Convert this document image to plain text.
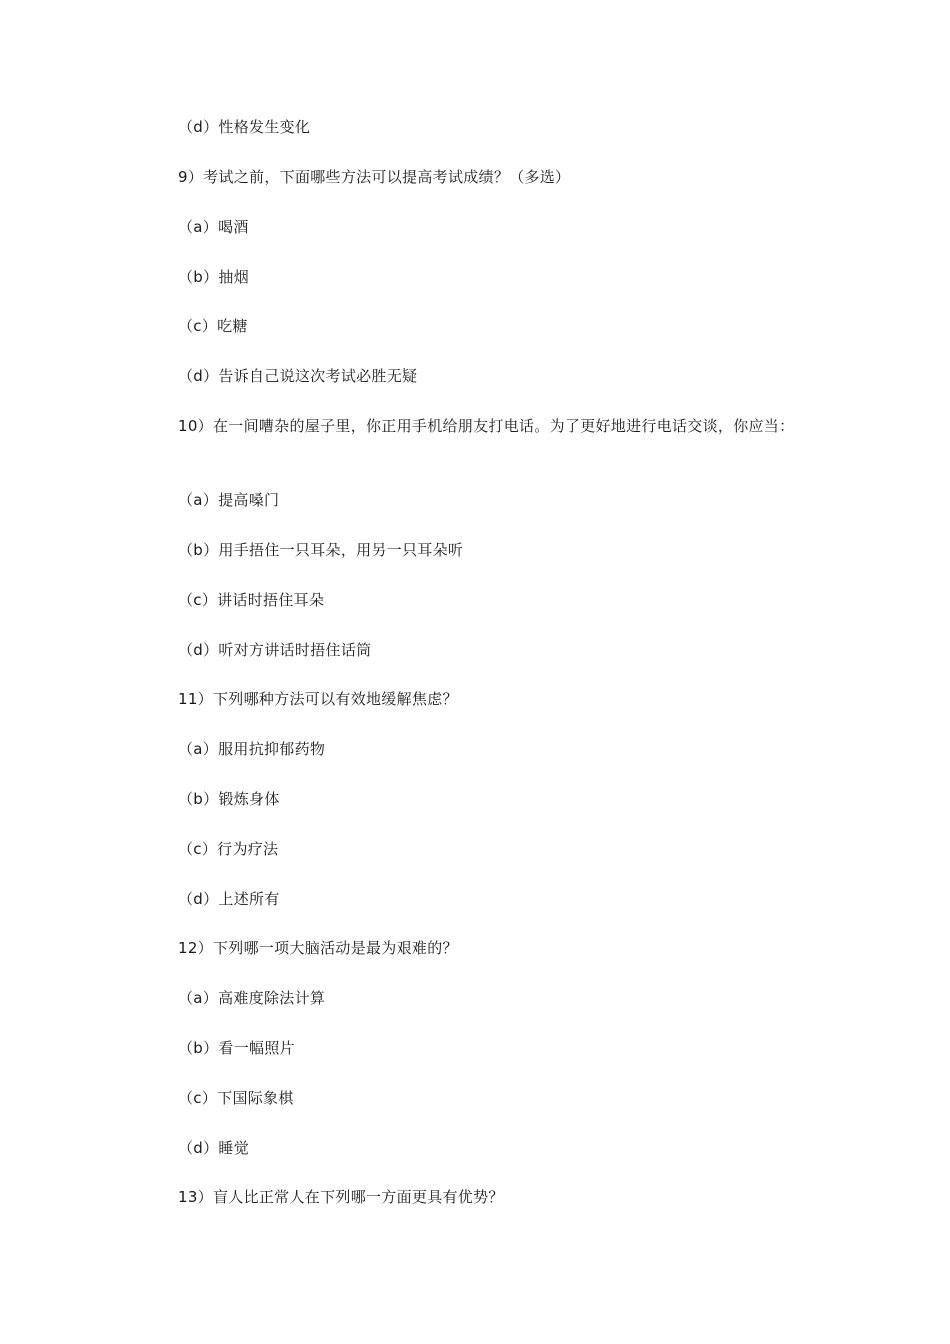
（d）性格发生变化
9）考试之前，下面哪些方法可以提高考试成绩？（多选）
（a）喝酒
（b）抽烟
（c）吃糖
（d）告诉自己说这次考试必胜无疑
10）在一间嘈杂的屋子里，你正用手机给朋友打电话。为了更好地进行电话交谈，你应当：
（a）提高嗓门
（b）用手捂住一只耳朵，用另一只耳朵听
（c）讲话时捂住耳朵
（d）听对方讲话时捂住话筒
11）下列哪种方法可以有效地缓解焦虑？
（a）服用抗抑郁药物
（b）锻炼身体
（c）行为疗法
（d）上述所有
12）下列哪一项大脑活动是最为艰难的？
（a）高难度除法计算
（b）看一幅照片
（c）下国际象棋
（d）睡觉
13）盲人比正常人在下列哪一方面更具有优势？
